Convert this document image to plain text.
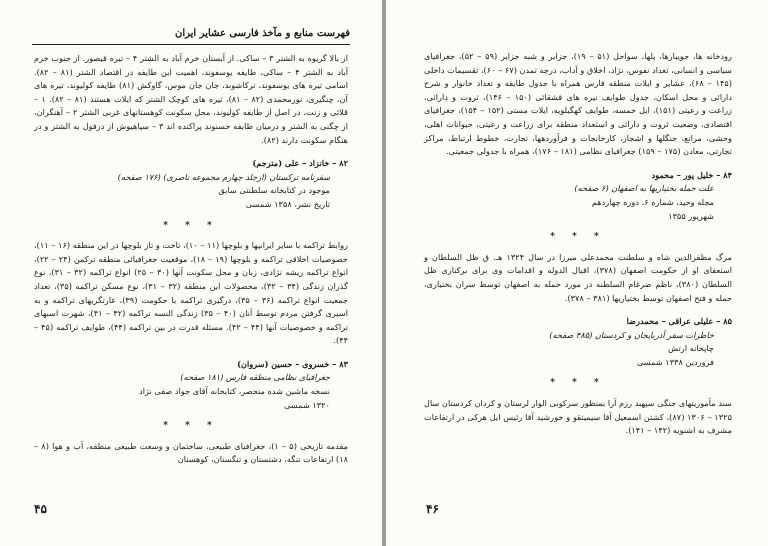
فهرست منابع و مآخذ فارسی عشایر ایران

از بالا گریوه به الشتر ۳ – ساکی. از آبستان خرم آباد به الشتر ۴ – تیره قیصور. از جنوب خرم آباد به الشتر ۴ – ساکی، طایفه یوسفوند، اهمیت این طایفه در اقتصاد الشتر (۸۱ – ۸۲). اسامی تیره های یوسفوند، ترکاشوند، جان جان موس، گاوکش (۸۱) طایفه کولیوند، تیره های آن، چنگیری، نورمحمدی (۸۲ – ۸۱)، تیره های کوچک الشتر که ایلات هستند (۸۱ – ۸۲). ۱ – قلائی و زنت، در اصل از طایفه کولیوند، محل سکونت کوهستانهای غربی الشتر ۲ – آهنگران، از چگنی به الشتر و درمیان طایفه حسنوند پراکنده اند ۳ – سپاهیوش از دزفول به الشتر و در هنگام سکونت دارند (۸۲).

۸۲ – خانزاد – علی (مترجم)
سفرنامه ترکستان (ازجلد چهارم مجموعه ناصری) (۱۷۶ صفحه)
موجود در کتابخانه سلطنتی سابق
تاریخ نشر، ۱۳۵۸ شمسی
* * *

روابط تراکمه با سایر ایرانیها و بلوچها (۱۱ – ۱۰)، تاخت و تاز بلوچها در این منطقه (۱۶ – ۱۱)، خصوصیات اخلاقی تراکمه و بلوچها (۱۹ – ۱۸)، موقعیت جغرافیائی منطقه ترکمن (۲۴ – ۲۲)، انواع تراکمه ریشه نژادی، زبان و محل سکونت آنها (۳۰ – ۲۵) انواع تراکمه (۳۲ – ۳۱)، نوع گذران زندگی (۳۴ – ۳۲)، محصولات این منطقه (۳۲ – ۳۱)، نوع مسکن تراکمه (۳۵)، تعداد جمعیت انواع تراکمه (۳۶ – ۳۵)، درگیری تراکمه با حکومت (۳۹)، غارتگریهای تراکمه و به اسیری گرفتن مردم توسط آنان (۴۰ – ۳۵) زندگی النسه تراکمه (۴۲ – ۴۱)، شهرت اسبهای تراکمه و خصوصیات آنها (۴۴ – ۴۲). مسئله قدرت در بین تراکمه (۴۴)، طوایف تراکمه (۴۵ – ۴۴).

۸۳ – خسروی – حسین (سروان)
جغرافیای نظامی منطقه فارس (۱۸۱ صفحه)
نسخه ماشین شده منحصر، کتابخانه آقای جواد صفی نژاد
۱۳۲۰ شمسی
* * *

مقدمه تاریخی (۵ – ۱)، جغرافیای طبیعی، ساختمان و وسعت طبیعی منطقه، آب و هوا (۸ – ۱۸) ارتفاعات تنگه، دشتستان و تنگستان، کوهستان

۴۵

رودخانه ها، جویبارها، پلها، سواحل (۵۱ – ۱۹)، جزایر و شبه جزایر (۵۹ – ۵۲)، جغرافیای سیاسی و انسانی، تعداد نفوس، نژاد، اخلاق و آداب، درجه تمدن (۶۷ – ۶۰)، تقسیمات داخلی (۱۴۵ – ۶۸)، عشایر و ایلات منطقه فارس همراه با جدول طایفه و تعداد خانوار و شرح دارائی و محل اسکان، جدول طوایف تیره های قشقائی (۱۵۰ – ۱۴۶)، ثروت و دارائی، زراعت و رعیتی (۱۵۱)، ایل خمسه، طوایف کهگیلویه، ایلات مستی (۱۵۲ – ۱۵۴)، جغرافیای اقتصادی، وضعیت ثروت و دارائی و استعداد منطقه برای زراعت و رعیتی، حیوانات اهلی، وحشی، مراتع، جنگلها و اشجار، کارخانجات و فرآوردهها، تجارت، خطوط ارتباط، مراکز تجارتی، معادن (۱۷۵ – ۱۵۹) جغرافیای نظامی (۱۸۱ – ۱۷۶)، همراه با جدولی جمعیتی.

۸۴ – خلیل پور – محمود
علت حمله بختیاریها به اصفهان (۶ صفحه)
مجله وحید، شماره ۶، دوره چهاردهم
شهریور ۱۳۵۵
* * *

مرگ مظفرالدین شاه و سلطنت محمدعلی میرزا در سال ۱۳۲۴ هـ. ق ظل السلطان و استعفای او از حکومت اصفهان (۳۷۸)، اقبال الدوله و اقدامات وی برای برکناری ظل السلطان (۳۸۰)، ناظم ضرغام السلطنه در مورد حمله به اصفهان توسط سران بختیاری، حمله و فتح اصفهان توسط بختیاریها (۳۸۱ – ۳۷۸).

۸۵ – علیلی عراقی – محمدرضا
خاطرات سفر آذربایجان و کردستان (۴۸۵ صفحه)
چاپخانه ارتش
فروردین ۱۳۳۸ شمسی
* * *

سند مأموریتهای جنگی سپهبد رزم آرا بمنظور سرکوبی الوار لرستان و کردان کردستان سال ۱۳۲۵ – ۱۳۰۶ (۸۷)، کشتن اسمعیل آقا سیمیتقو و خورشید آقا رئیس ایل هرکی در ارتفاعات مشرف به اشنویه (۱۴۲ – ۱۴۱).

۴۶
